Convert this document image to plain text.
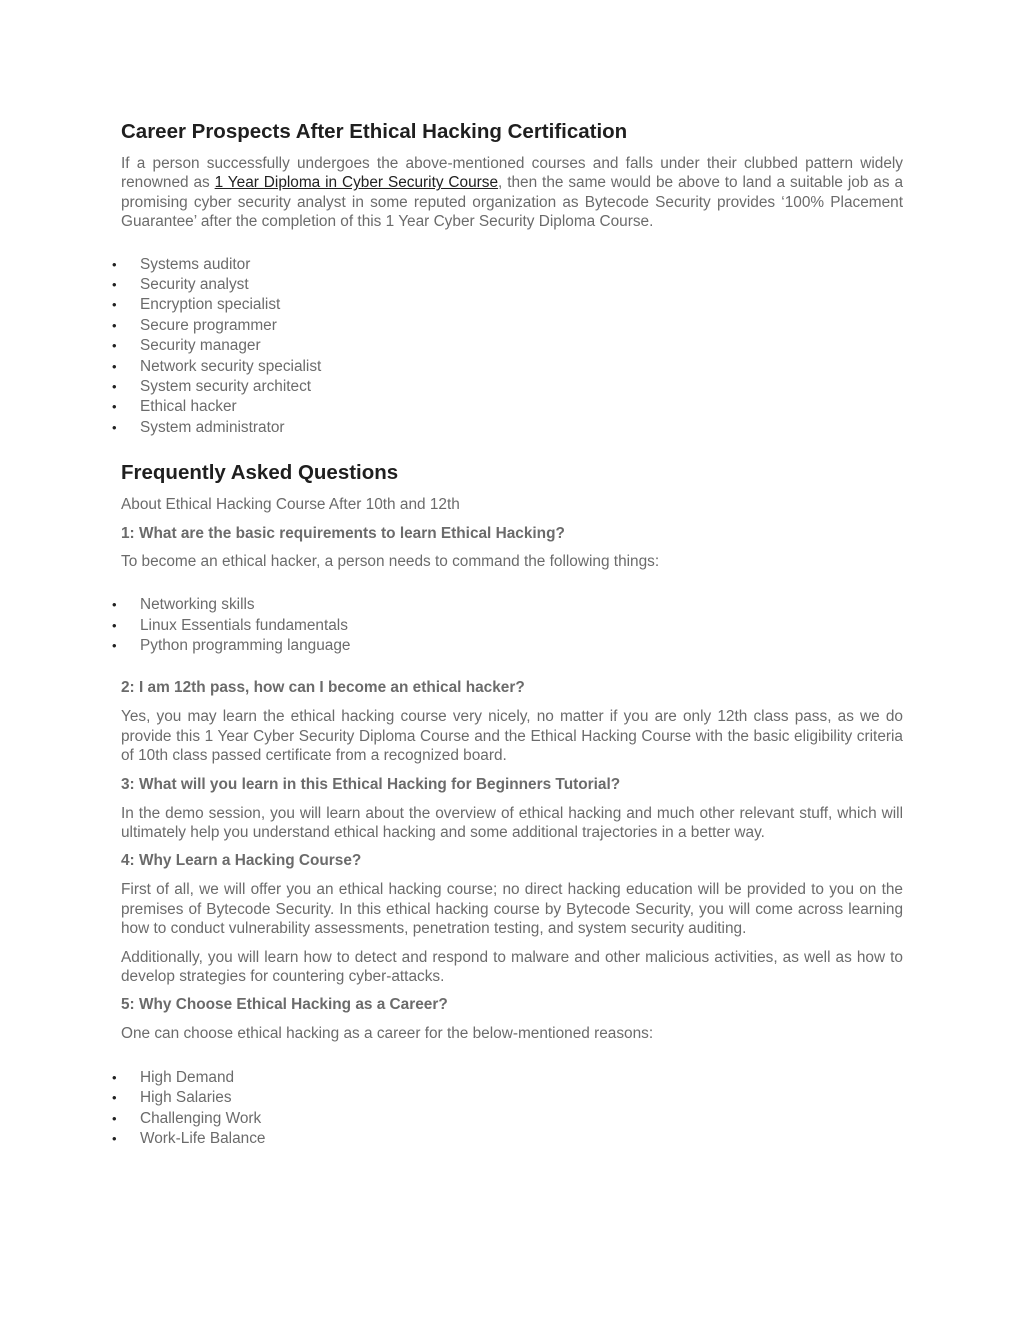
Career Prospects After Ethical Hacking Certification

If a person successfully undergoes the above-mentioned courses and falls under their clubbed pattern widely renowned as 1 Year Diploma in Cyber Security Course, then the same would be above to land a suitable job as a promising cyber security analyst in some reputed organization as Bytecode Security provides ‘100% Placement Guarantee’ after the completion of this 1 Year Cyber Security Diploma Course.

• Systems auditor
• Security analyst
• Encryption specialist
• Secure programmer
• Security manager
• Network security specialist
• System security architect
• Ethical hacker
• System administrator
Frequently Asked Questions

About Ethical Hacking Course After 10th and 12th

1: What are the basic requirements to learn Ethical Hacking?

To become an ethical hacker, a person needs to command the following things:

• Networking skills
• Linux Essentials fundamentals
• Python programming language

2: I am 12th pass, how can I become an ethical hacker?

Yes, you may learn the ethical hacking course very nicely, no matter if you are only 12th class pass, as we do provide this 1 Year Cyber Security Diploma Course and the Ethical Hacking Course with the basic eligibility criteria of 10th class passed certificate from a recognized board.

3: What will you learn in this Ethical Hacking for Beginners Tutorial?

In the demo session, you will learn about the overview of ethical hacking and much other relevant stuff, which will ultimately help you understand ethical hacking and some additional trajectories in a better way.

4: Why Learn a Hacking Course?

First of all, we will offer you an ethical hacking course; no direct hacking education will be provided to you on the premises of Bytecode Security. In this ethical hacking course by Bytecode Security, you will come across learning how to conduct vulnerability assessments, penetration testing, and system security auditing.

Additionally, you will learn how to detect and respond to malware and other malicious activities, as well as how to develop strategies for countering cyber-attacks.

5: Why Choose Ethical Hacking as a Career?

One can choose ethical hacking as a career for the below-mentioned reasons:

• High Demand
• High Salaries
• Challenging Work
• Work-Life Balance
